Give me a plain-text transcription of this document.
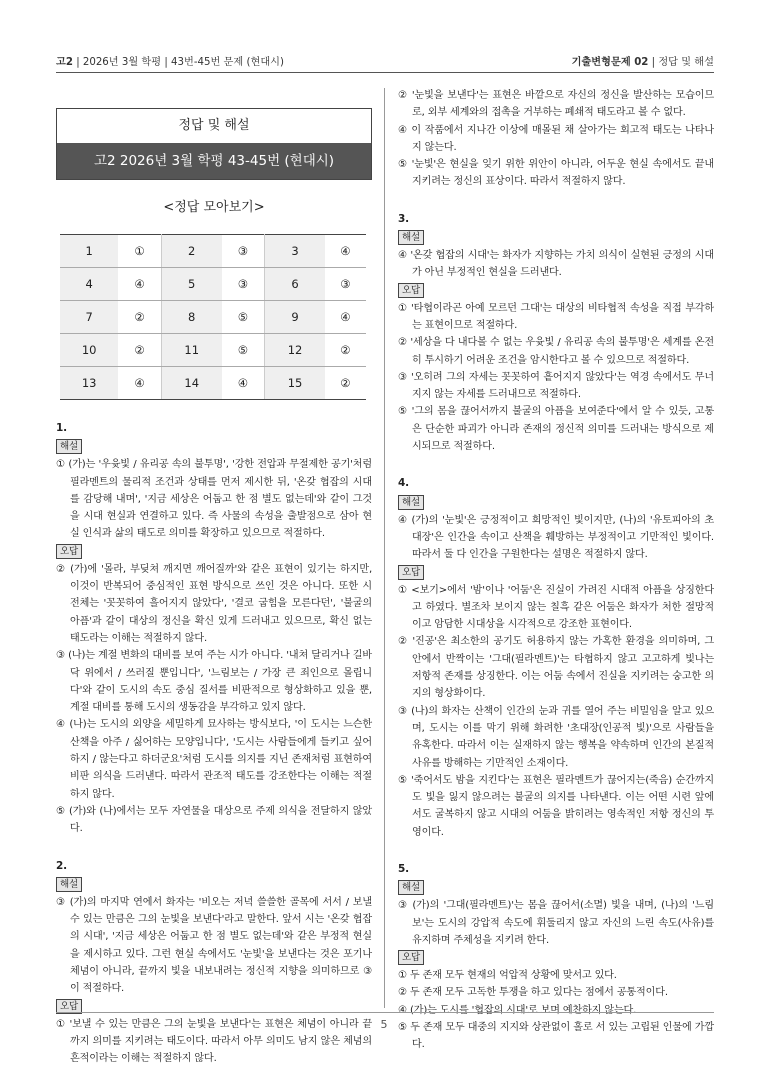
고2 | 2026년 3월 학평 | 43번-45번 문제 (현대시)	기출변형문제 02 | 정답 및 해설
정답 및 해설
고2 2026년 3월 학평 43-45번 (현대시)
<정답 모아보기>
1	①	2	③	3	④
4	④	5	③	6	③
7	②	8	⑤	9	④
10	②	11	⑤	12	②
13	④	14	④	15	②
1.
해설
① (가)는 '우윳빛 / 유리공 속의 불투명', '강한 전압과 무절제한 공기'처럼 필라멘트의 물리적 조건과 상태를 먼저 제시한 뒤, '온갖 협잡의 시대를 감당해 내며', '지금 세상은 어둡고 한 점 별도 없는데'와 같이 그것을 시대 현실과 연결하고 있다. 즉 사물의 속성을 출발점으로 삼아 현실 인식과 삶의 태도로 의미를 확장하고 있으므로 적절하다.
오답
② (가)에 '몰라, 부딪쳐 깨지면 깨어질까'와 같은 표현이 있기는 하지만, 이것이 반복되어 중심적인 표현 방식으로 쓰인 것은 아니다. 또한 시 전체는 '꼿꼿하여 흘어지지 않았다', '결코 굽힘을 모른다던', '불굴의 아픔'과 같이 대상의 정신을 확신 있게 드러내고 있으므로, 확신 없는 태도라는 이해는 적절하지 않다.
③ (나)는 계절 변화의 대비를 보여 주는 시가 아니다. '내쳐 달리거나 길바닥 위에서 / 쓰러질 뿐입니다', '느림보는 / 가장 큰 죄인으로 몰립니다'와 같이 도시의 속도 중심 질서를 비판적으로 형상화하고 있을 뿐, 계절 대비를 통해 도시의 생동감을 부각하고 있지 않다.
④ (나)는 도시의 외양을 세밀하게 묘사하는 방식보다, '이 도시는 느슨한 산책을 아주 / 싫어하는 모양입니다', '도시는 사람들에게 들키고 싶어 하지 / 않는다고 하더군요'처럼 도시를 의지를 지닌 존재처럼 표현하여 비판 의식을 드러낸다. 따라서 관조적 태도를 강조한다는 이해는 적절하지 않다.
⑤ (가)와 (나)에서는 모두 자연물을 대상으로 주제 의식을 전달하지 않았다.
2.
해설
③ (가)의 마지막 연에서 화자는 '비오는 저녁 쓸쓸한 골목에 서서 / 보낼 수 있는 만큼은 그의 눈빛을 보낸다'라고 말한다. 앞서 시는 '온갖 협잡의 시대', '지금 세상은 어둡고 한 점 별도 없는데'와 같은 부정적 현실을 제시하고 있다. 그런 현실 속에서도 '눈빛'을 보낸다는 것은 포기나 체념이 아니라, 끝까지 빛을 내보내려는 정신적 지향을 의미하므로 ③이 적절하다.
오답
① '보낼 수 있는 만큼은 그의 눈빛을 보낸다'는 표현은 체념이 아니라 끝까지 의미를 지키려는 태도이다. 따라서 아무 의미도 남지 않은 체념의 흔적이라는 이해는 적절하지 않다.
② '눈빛을 보낸다'는 표현은 바깥으로 자신의 정신을 발산하는 모습이므로, 외부 세계와의 접촉을 거부하는 폐쇄적 태도라고 볼 수 없다.
④ 이 작품에서 지나간 이상에 매몰된 채 살아가는 회고적 태도는 나타나지 않는다.
⑤ '눈빛'은 현실을 잊기 위한 위안이 아니라, 어두운 현실 속에서도 끝내 지키려는 정신의 표상이다. 따라서 적절하지 않다.
3.
해설
④ '온갖 협잡의 시대'는 화자가 지향하는 가치 의식이 실현된 긍정의 시대가 아닌 부정적인 현실을 드러낸다.
오답
① '타협이라곤 아예 모르던 그대'는 대상의 비타협적 속성을 직접 부각하는 표현이므로 적절하다.
② '세상을 다 내다볼 수 없는 우윳빛 / 유리공 속의 불투명'은 세계를 온전히 투시하기 어려운 조건을 암시한다고 볼 수 있으므로 적절하다.
③ '오히려 그의 자세는 꼿꼿하여 흩어지지 않았다'는 역경 속에서도 무너지지 않는 자세를 드러내므로 적절하다.
⑤ '그의 몸을 끊어서까지 불굴의 아픔을 보여준다'에서 알 수 있듯, 고통은 단순한 파괴가 아니라 존재의 정신적 의미를 드러내는 방식으로 제시되므로 적절하다.
4.
해설
④ (가)의 '눈빛'은 긍정적이고 희망적인 빛이지만, (나)의 '유토피아의 초대장'은 인간을 속이고 산책을 훼방하는 부정적이고 기만적인 빛이다. 따라서 둘 다 인간을 구원한다는 설명은 적절하지 않다.
오답
① <보기>에서 '밤'이나 '어둠'은 진실이 가려진 시대적 아픔을 상징한다고 하였다. 별조차 보이지 않는 칠흑 같은 어둠은 화자가 처한 절망적이고 암담한 시대상을 시각적으로 강조한 표현이다.
② '진공'은 최소한의 공기도 허용하지 않는 가혹한 환경을 의미하며, 그 안에서 반짝이는 '그대(필라멘트)'는 타협하지 않고 고고하게 빛나는 저항적 존재를 상징한다. 이는 어둠 속에서 진실을 지키려는 숭고한 의지의 형상화이다.
③ (나)의 화자는 산책이 인간의 눈과 귀를 열어 주는 비밀임을 알고 있으며, 도시는 이를 막기 위해 화려한 '초대장(인공적 빛)'으로 사람들을 유혹한다. 따라서 이는 실재하지 않는 행복을 약속하며 인간의 본질적 사유를 방해하는 기만적인 소재이다.
⑤ '죽어서도 밤을 지킨다'는 표현은 필라멘트가 끊어지는(죽음) 순간까지도 빛을 잃지 않으려는 불굴의 의지를 나타낸다. 이는 어떤 시련 앞에서도 굴복하지 않고 시대의 어둠을 밝히려는 영속적인 저항 정신의 투영이다.
5.
해설
③ (가)의 '그대(필라멘트)'는 몸을 끊어서(소멸) 빛을 내며, (나)의 '느림보'는 도시의 강압적 속도에 휘둘리지 않고 자신의 느린 속도(사유)를 유지하며 주체성을 지키려 한다.
오답
① 두 존재 모두 현재의 억압적 상황에 맞서고 있다.
② 두 존재 모두 고독한 투쟁을 하고 있다는 점에서 공통적이다.
④ (가)는 도시를 '협잡의 시대'로 보며 예찬하지 않는다.
⑤ 두 존재 모두 대중의 지지와 상관없이 홀로 서 있는 고립된 인물에 가깝다.
5
